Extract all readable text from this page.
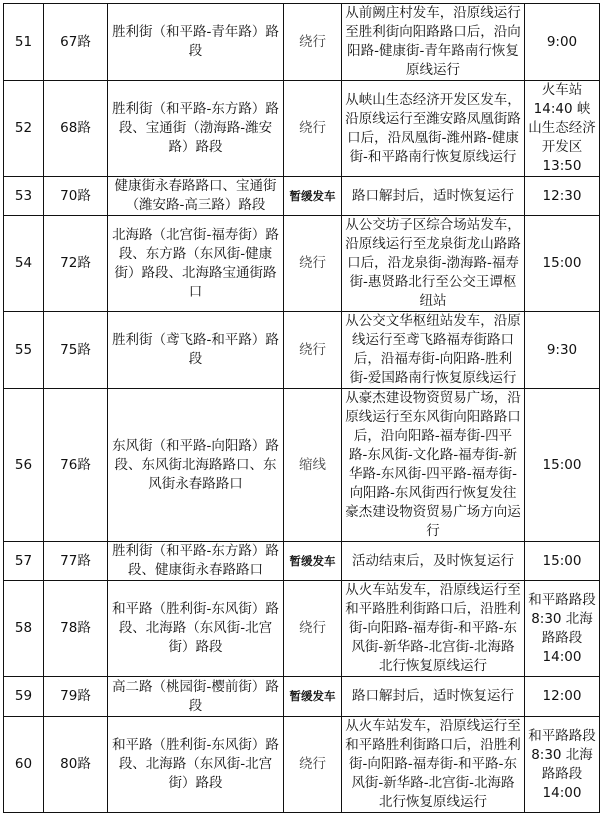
51	67路	胜利街（和平路-青年路）路段	绕行	从前阙庄村发车，沿原线运行至胜利街向阳路路口后，沿向阳路-健康街-青年路南行恢复原线运行	9:00
52	68路	胜利街（和平路-东方路）路段、宝通街（渤海路-潍安路）路段	绕行	从峡山生态经济开发区发车，沿原线运行至潍安路凤凰街路口后，沿凤凰街-潍州路-健康街-和平路南行恢复原线运行	火车站14:40 峡山生态经济开发区13:50
53	70路	健康街永春路路口、宝通街（潍安路-高三路）路段	暂缓发车	路口解封后，适时恢复运行	12:30
54	72路	北海路（北宫街-福寿街）路段、东方路（东风街-健康街）路段、北海路宝通街路口	绕行	从公交坊子区综合场站发车，沿原线运行至龙泉街龙山路路口后，沿龙泉街-渤海路-福寿街-惠贤路北行至公交王谭枢纽站	15:00
55	75路	胜利街（鸢飞路-和平路）路段	绕行	从公交文华枢纽站发车，沿原线运行至鸢飞路福寿街路口后，沿福寿街-向阳路-胜利街-爱国路南行恢复原线运行	9:30
56	76路	东风街（和平路-向阳路）路段、东风街北海路路口、东风街永春路路口	缩线	从豪杰建设物资贸易广场，沿原线运行至东风街向阳路路口后，沿向阳路-福寿街-四平路-东风街-文化路-福寿街-新华路-东风街-四平路-福寿街-向阳路-东风街西行恢复发往豪杰建设物资贸易广场方向运行	15:00
57	77路	胜利街（和平路-东方路）路段、健康街永春路路口	暂缓发车	活动结束后，及时恢复运行	15:00
58	78路	和平路（胜利街-东风街）路段、北海路（东风街-北宫街）路段	绕行	从火车站发车，沿原线运行至和平路胜利街路口后，沿胜利街-向阳路-福寿街-和平路-东风街-新华路-北宫街-北海路北行恢复原线运行	和平路路段8:30 北海路路段14:00
59	79路	高二路（桃园街-樱前街）路段	暂缓发车	路口解封后，适时恢复运行	12:00
60	80路	和平路（胜利街-东风街）路段、北海路（东风街-北宫街）路段	绕行	从火车站发车，沿原线运行至和平路胜利街路口后，沿胜利街-向阳路-福寿街-和平路-东风街-新华路-北宫街-北海路北行恢复原线运行	和平路路段8:30 北海路路段14:00
